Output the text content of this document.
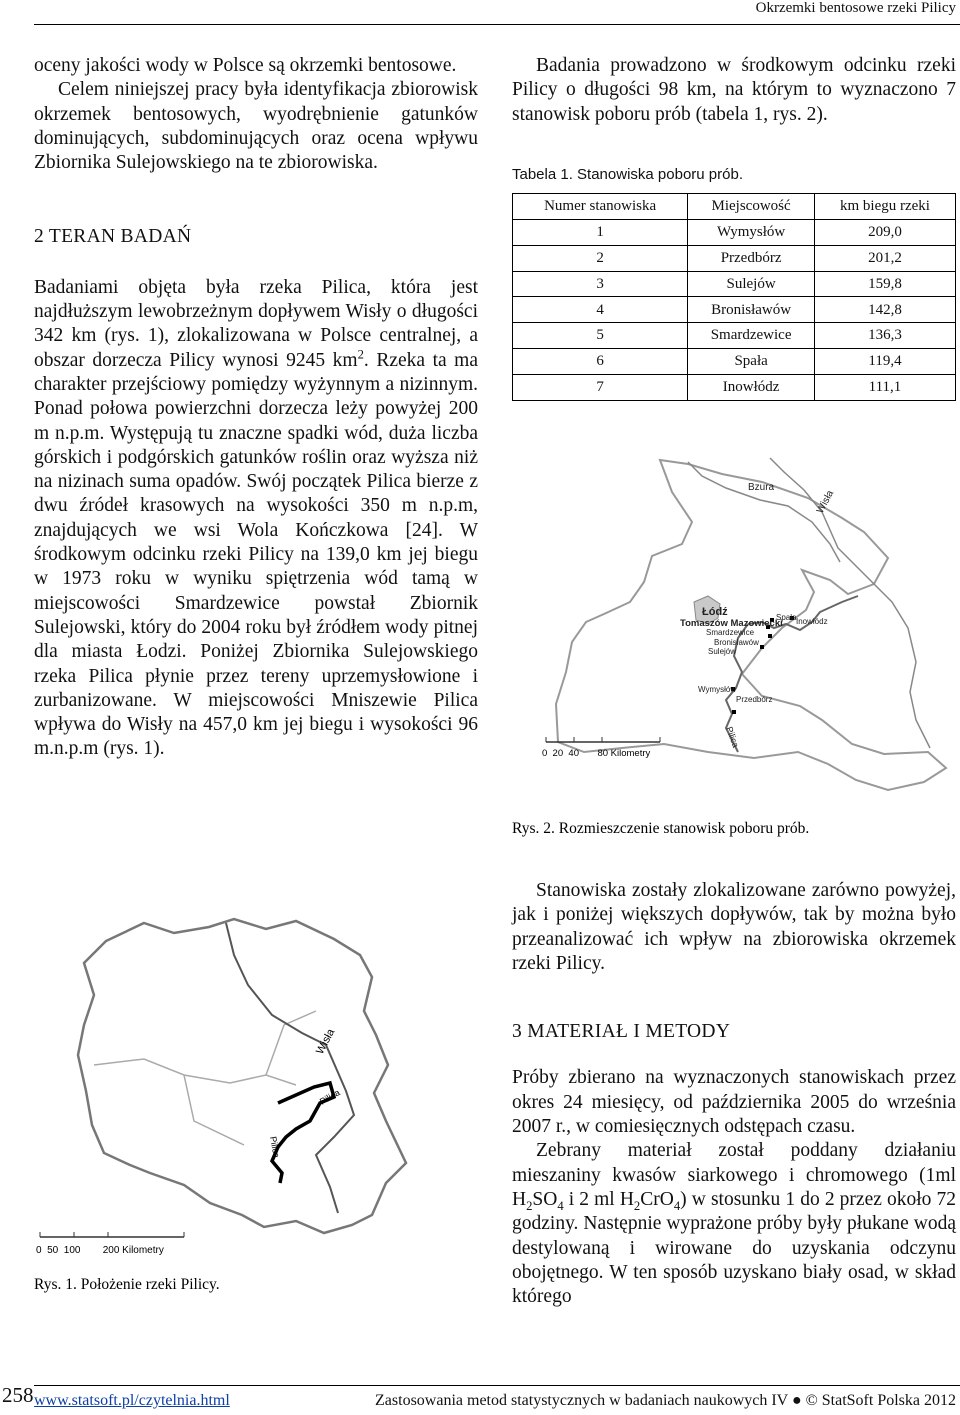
Okrzemki bentosowe rzeki Pilicy

oceny jakości wody w Polsce są okrzemki bentosowe.

Celem niniejszej pracy była identyfikacja zbiorowisk okrzemek bentosowych, wyodrębnienie gatunków dominujących, subdominujących oraz ocena wpływu Zbiornika Sulejowskiego na te zbiorowiska.

2 TERAN BADAŃ

Badaniami objęta była rzeka Pilica, która jest najdłuższym lewobrzeżnym dopływem Wisły o długości 342 km (rys. 1), zlokalizowana w Polsce centralnej, a obszar dorzecza Pilicy wynosi 9245 $km^2$. Rzeka ta ma charakter przejściowy pomiędzy wyżynnym a nizinnym. Ponad połowa powierzchni dorzecza leży powyżej 200 m n.p.m. Występują tu znaczne spadki wód, duża liczba górskich i podgórskich gatunków roślin oraz wyższa niż na nizinach suma opadów. Swój początek Pilica bierze z dwu źródeł krasowych na wysokości 350 m n.p.m, znajdujących we wsi Wola Kończkowa [24]. W środkowym odcinku rzeki Pilicy na 139,0 km jej biegu w 1973 roku w wyniku spiętrzenia wód tamą w miejscowości Smardzewice powstał Zbiornik Sulejowski, który do 2004 roku był źródłem wody pitnej dla miasta Łodzi. Poniżej Zbiornika Sulejowskiego rzeka Pilica płynie przez tereny uprzemysłowione i zurbanizowane. W miejscowości Mniszewie Pilica wpływa do Wisły na 457,0 km jej biegu i wysokości 96 m.n.p.m (rys. 1).

Wisła
Pilica
Pilica
0  50  100        200 Kilometry
Rys. 1. Położenie rzeki Pilicy.

Badania prowadzono w środkowym odcinku rzeki Pilicy o długości 98 km, na którym to wyznaczono 7 stanowisk poboru prób (tabela 1, rys. 2).

Tabela 1. Stanowiska poboru prób.
Numer stanowiska	Miejscowość	km biegu rzeki
1	Wymysłów	209,0
2	Przedbórz	201,2
3	Sulejów	159,8
4	Bronisławów	142,8
5	Smardzewice	136,3
6	Spała	119,4
7	Inowłódz	111,1
Wisła
Bzura
Łódź
Tomaszów Mazowiecki
Spała Inowłódz
Smardzewice
Bronisławów
Sulejów
Wymysłów
Przedbórz
Pilica
0  20  40       80 Kilometry
Rys. 2. Rozmieszczenie stanowisk poboru prób.

Stanowiska zostały zlokalizowane zarówno powyżej, jak i poniżej większych dopływów, tak by można było przeanalizować ich wpływ na zbiorowiska okrzemek rzeki Pilicy.

3 MATERIAŁ I METODY

Próby zbierano na wyznaczonych stanowiskach przez okres 24 miesięcy, od października 2005 do września 2007 r., w comiesięcznych odstępach czasu.

Zebrany materiał został poddany działaniu mieszaniny kwasów siarkowego i chromowego (1ml $H_2SO_4$ i 2 ml $H_2CrO_4$) w stosunku 1 do 2 przez około 72 godziny. Następnie wyprażone próby były płukane wodą destylowaną i wirowane do uzyskania odczynu obojętnego. W ten sposób uzyskano biały osad, w skład którego

258 www.statsoft.pl/czytelnia.html	Zastosowania metod statystycznych w badaniach naukowych IV ● © StatSoft Polska 2012
